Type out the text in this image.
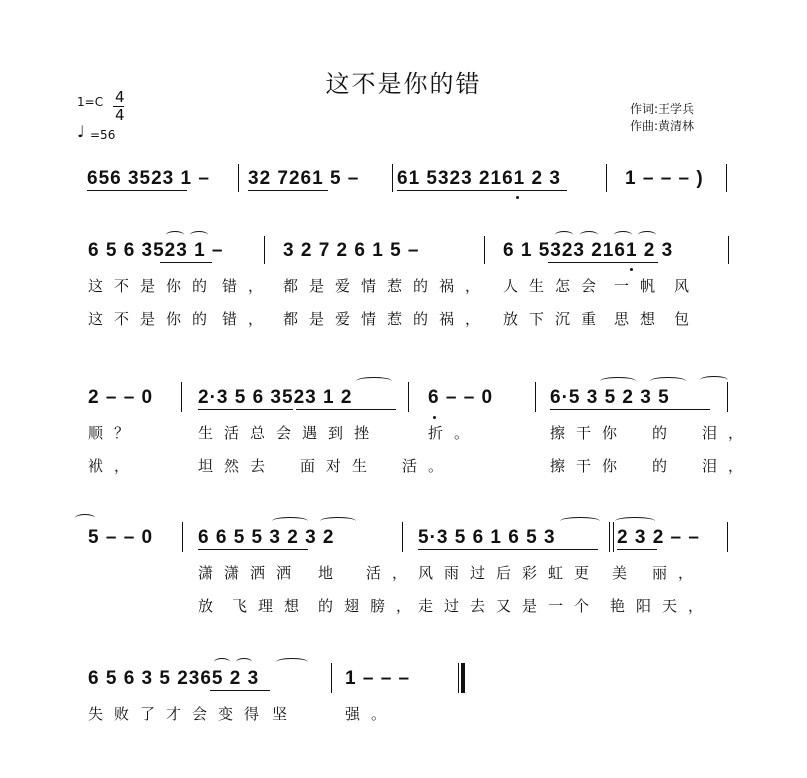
这不是你的错
1=C 4
4
♩ =56
作词:王学兵
作曲:黄清林
656 3523 1 – 32 7261 5 – 61 5323 2161 2 3	1 – – – )
6 5 6 3523 1 –	3 2 7 2 6 1 5 –	6 1 5323 2161 2 3
这不是你的 错， 都是爱情惹的祸， 人生怎会 一帆 风
这不是你的 错， 都是爱情惹的祸， 放下沉重 思想 包
2 – – 0 2·3 5 6 3523 1 2	6 – – 0	6·5 3 5 2 3 5
顺？	生活总会遇到挫	折。	擦干你 的 泪，
袱，	坦然去 面对生 活。	擦干你 的 泪，
5 – – 0 6 6 5 5 3 2 3 2	5·3 5 6 1 6 5 3	2 3 2 – –
潇潇洒洒 地 活， 风雨过后彩虹更 美 丽，
放 飞理想 的翅膀，
走过去又是一个 艳阳天，
6 5 6 3 5 2365 2 3	1 – – –
失败了才会变得 坚	强。
